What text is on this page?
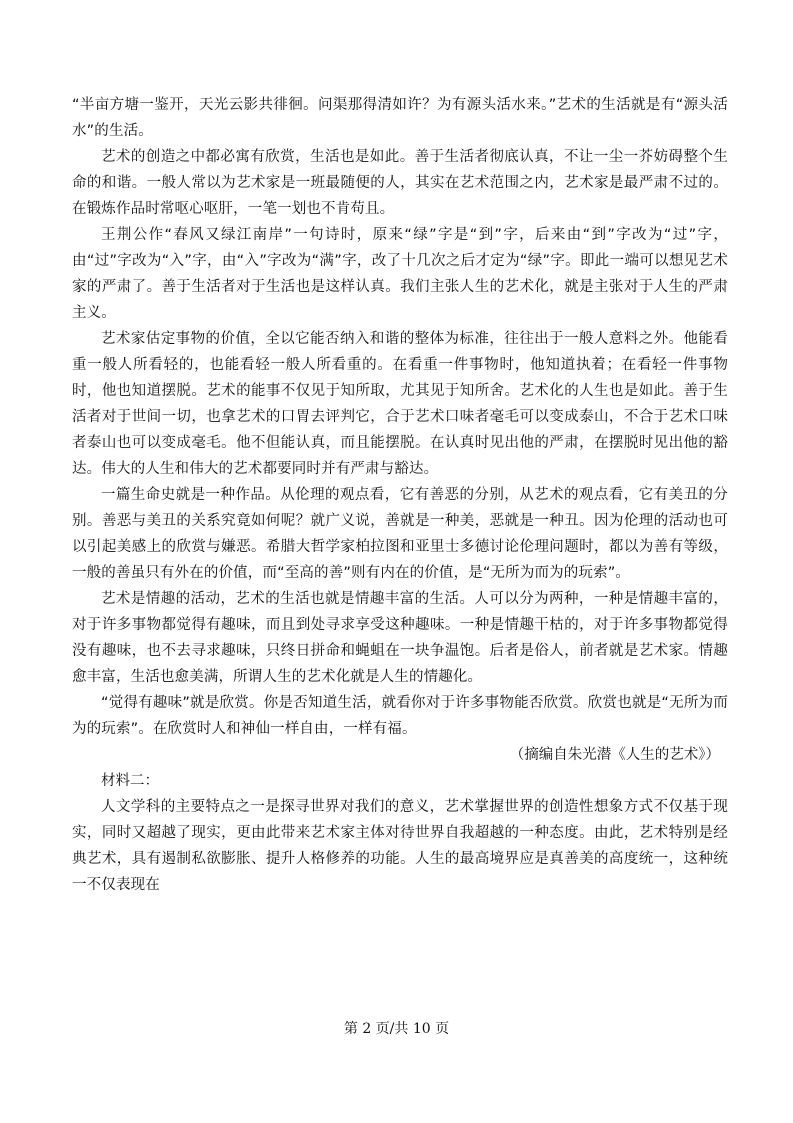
“半亩方塘一鉴开，天光云影共徘徊。问渠那得清如许？为有源头活水来。”艺术的生活就是有“源头活水”的生活。

艺术的创造之中都必寓有欣赏，生活也是如此。善于生活者彻底认真，不让一尘一芥妨碍整个生命的和谐。一般人常以为艺术家是一班最随便的人，其实在艺术范围之内，艺术家是最严肃不过的。在锻炼作品时常呕心呕肝，一笔一划也不肯苟且。

王荆公作“春风又绿江南岸”一句诗时，原来“绿”字是“到”字，后来由“到”字改为“过”字，由“过”字改为“入”字，由“入”字改为“满”字，改了十几次之后才定为“绿”字。即此一端可以想见艺术家的严肃了。善于生活者对于生活也是这样认真。我们主张人生的艺术化，就是主张对于人生的严肃主义。

艺术家估定事物的价值，全以它能否纳入和谐的整体为标准，往往出于一般人意料之外。他能看重一般人所看轻的，也能看轻一般人所看重的。在看重一件事物时，他知道执着；在看轻一件事物时，他也知道摆脱。艺术的能事不仅见于知所取，尤其见于知所舍。艺术化的人生也是如此。善于生活者对于世间一切，也拿艺术的口胃去评判它，合于艺术口味者毫毛可以变成泰山，不合于艺术口味者泰山也可以变成毫毛。他不但能认真，而且能摆脱。在认真时见出他的严肃，在摆脱时见出他的豁达。伟大的人生和伟大的艺术都要同时并有严肃与豁达。

一篇生命史就是一种作品。从伦理的观点看，它有善恶的分别，从艺术的观点看，它有美丑的分别。善恶与美丑的关系究竟如何呢？就广义说，善就是一种美，恶就是一种丑。因为伦理的活动也可以引起美感上的欣赏与嫌恶。希腊大哲学家柏拉图和亚里士多德讨论伦理问题时，都以为善有等级，一般的善虽只有外在的价值，而“至高的善”则有内在的价值，是“无所为而为的玩索”。

艺术是情趣的活动，艺术的生活也就是情趣丰富的生活。人可以分为两种，一种是情趣丰富的，对于许多事物都觉得有趣味，而且到处寻求享受这种趣味。一种是情趣干枯的，对于许多事物都觉得没有趣味，也不去寻求趣味，只终日拼命和蝇蛆在一块争温饱。后者是俗人，前者就是艺术家。情趣愈丰富，生活也愈美满，所谓人生的艺术化就是人生的情趣化。

“觉得有趣味”就是欣赏。你是否知道生活，就看你对于许多事物能否欣赏。欣赏也就是“无所为而为的玩索”。在欣赏时人和神仙一样自由，一样有福。

（摘编自朱光潜《人生的艺术》）

材料二：

人文学科的主要特点之一是探寻世界对我们的意义，艺术掌握世界的创造性想象方式不仅基于现实，同时又超越了现实，更由此带来艺术家主体对待世界自我超越的一种态度。由此，艺术特别是经典艺术，具有遏制私欲膨胀、提升人格修养的功能。人生的最高境界应是真善美的高度统一，这种统一不仅表现在

第 2 页/共 10 页
